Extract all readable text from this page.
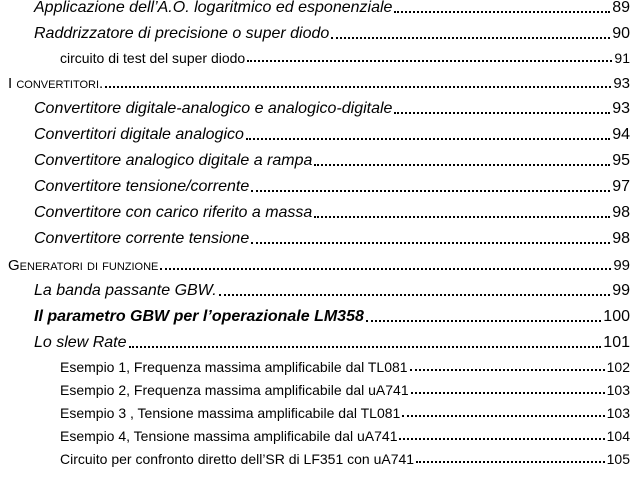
Applicazione dell’A.O. logaritmico ed esponenziale	89
Raddrizzatore di precisione o super diodo	90
circuito di test del super diodo	91
I convertitori.	93
Convertitore digitale-analogico e analogico-digitale	93
Convertitori digitale analogico	94
Convertitore analogico digitale a rampa	95
Convertitore tensione/corrente	97
Convertitore con carico riferito a massa	98
Convertitore corrente tensione	98
Generatori di funzione	99
La banda passante GBW.	99
Il parametro GBW per l’operazionale LM358	100
Lo slew Rate	101
Esempio 1, Frequenza massima amplificabile dal TL081	102
Esempio 2, Frequenza massima amplificabile dal uA741	103
Esempio 3 , Tensione massima amplificabile dal TL081	103
Esempio 4, Tensione massima amplificabile dal uA741	104
Circuito per confronto diretto dell’SR di LF351 con uA741	105
